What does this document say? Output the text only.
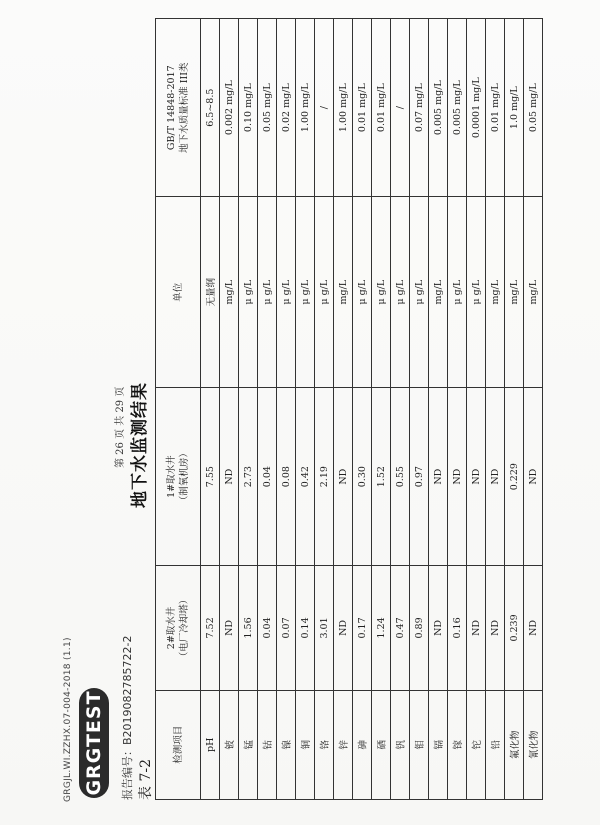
GRGJL.WI.ZZHX.07-004-2018 (1.1) GRGTEST	报告编号：B2019082785722-2
表 7-2
第 26 页 共 29 页 地下水监测结果
检测项目	2#取水井
（电厂冷却塔）	1#取水井
（制氧机房）	单位	GB/T 14848-2017
地下水质量标准 III类
pH	7.52	7.55	无量纲	6.5~8.5
铍	ND	ND	mg/L	0.002 mg/L
锰	1.56	2.73	μ g/L	0.10 mg/L
钴	0.04	0.04	μ g/L	0.05 mg/L
镍	0.07	0.08	μ g/L	0.02 mg/L
铜	0.14	0.42	μ g/L	1.00 mg/L
铬	3.01	2.19	μ g/L	/
锌	ND	ND	mg/L	1.00 mg/L
砷	0.17	0.30	μ g/L	0.01 mg/L
硒	1.24	1.52	μ g/L	0.01 mg/L
钒	0.47	0.55	μ g/L	/
钼	0.89	0.97	μ g/L	0.07 mg/L
镉	ND	ND	mg/L	0.005 mg/L
镓	0.16	ND	μ g/L	0.005 mg/L
铊	ND	ND	μ g/L	0.0001 mg/L
铅	ND	ND	mg/L	0.01 mg/L
氟化物	0.239	0.229	mg/L	1.0 mg/L
氰化物	ND	ND	mg/L	0.05 mg/L
